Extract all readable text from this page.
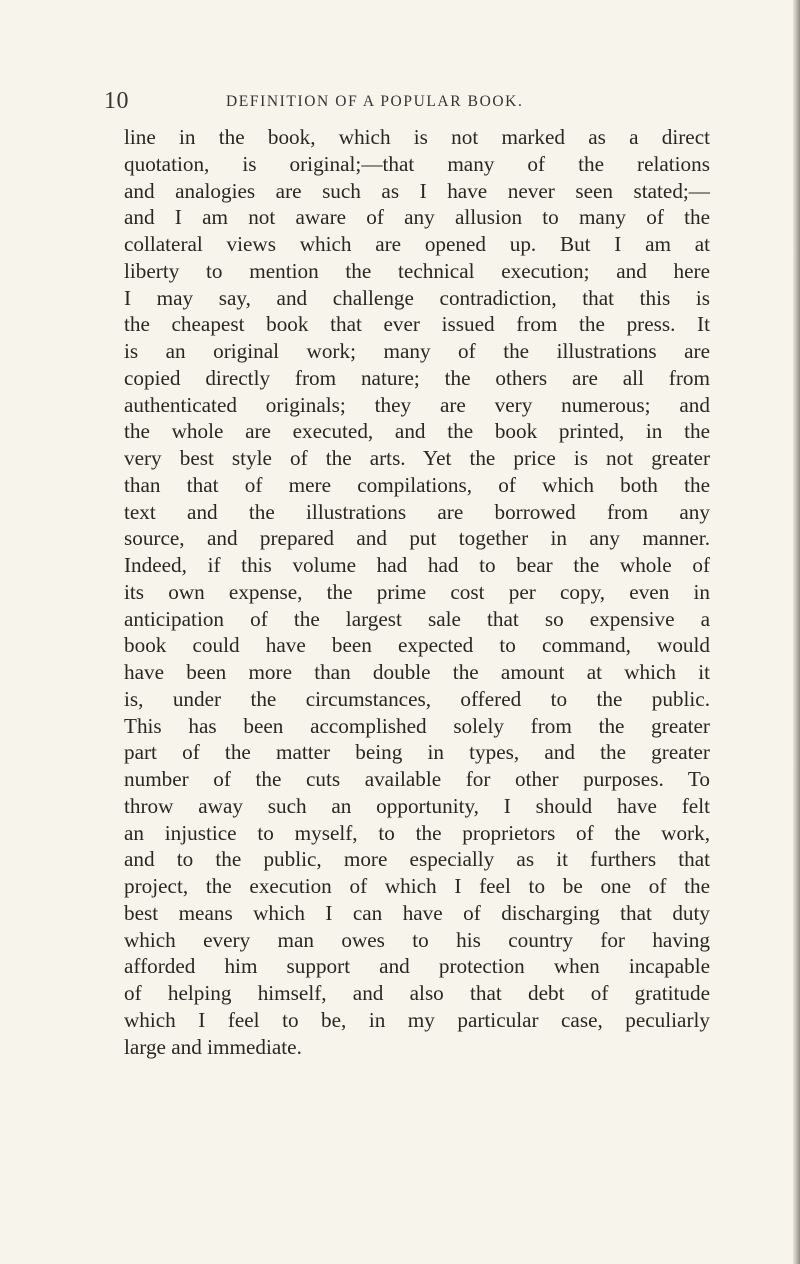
10	DEFINITION OF A POPULAR BOOK.
line in the book, which is not marked as a direct
quotation, is original;—that many of the relations
and analogies are such as I have never seen stated;—
and I am not aware of any allusion to many of the
collateral views which are opened up. But I am at
liberty to mention the technical execution; and here
I may say, and challenge contradiction, that this is
the cheapest book that ever issued from the press. It
is an original work; many of the illustrations are
copied directly from nature; the others are all from
authenticated originals; they are very numerous; and
the whole are executed, and the book printed, in the
very best style of the arts. Yet the price is not greater
than that of mere compilations, of which both the
text and the illustrations are borrowed from any
source, and prepared and put together in any manner.
Indeed, if this volume had had to bear the whole of
its own expense, the prime cost per copy, even in
anticipation of the largest sale that so expensive a
book could have been expected to command, would
have been more than double the amount at which it
is, under the circumstances, offered to the public.
This has been accomplished solely from the greater
part of the matter being in types, and the greater
number of the cuts available for other purposes. To
throw away such an opportunity, I should have felt
an injustice to myself, to the proprietors of the work,
and to the public, more especially as it furthers that
project, the execution of which I feel to be one of the
best means which I can have of discharging that duty
which every man owes to his country for having
afforded him support and protection when incapable
of helping himself, and also that debt of gratitude
which I feel to be, in my particular case, peculiarly
large and immediate.
